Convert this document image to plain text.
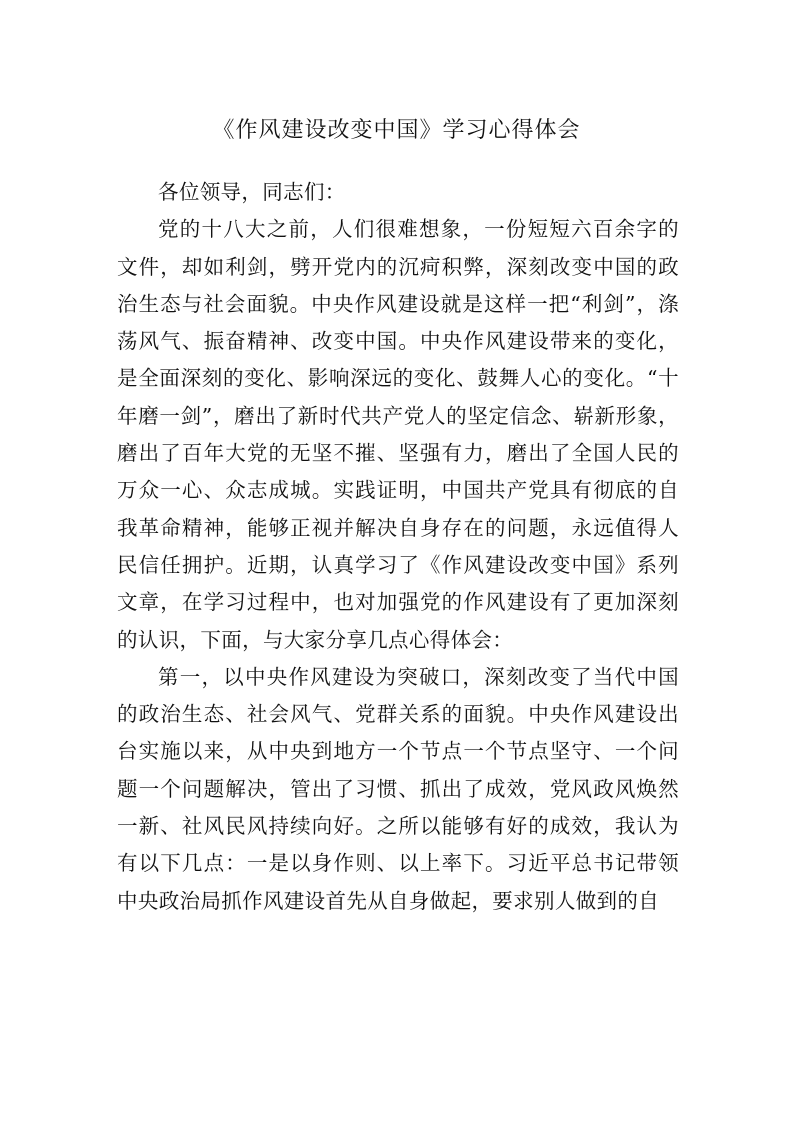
《作风建设改变中国》学习心得体会

各位领导，同志们：

党的十八大之前，人们很难想象，一份短短六百余字的文件，却如利剑，劈开党内的沉疴积弊，深刻改变中国的政治生态与社会面貌。中央作风建设就是这样一把“利剑”，涤荡风气、振奋精神、改变中国。中央作风建设带来的变化，是全面深刻的变化、影响深远的变化、鼓舞人心的变化。“十年磨一剑”，磨出了新时代共产党人的坚定信念、崭新形象，磨出了百年大党的无坚不摧、坚强有力，磨出了全国人民的万众一心、众志成城。实践证明，中国共产党具有彻底的自我革命精神，能够正视并解决自身存在的问题，永远值得人民信任拥护。近期，认真学习了《作风建设改变中国》系列文章，在学习过程中，也对加强党的作风建设有了更加深刻的认识，下面，与大家分享几点心得体会：

第一，以中央作风建设为突破口，深刻改变了当代中国的政治生态、社会风气、党群关系的面貌。中央作风建设出台实施以来，从中央到地方一个节点一个节点坚守、一个问题一个问题解决，管出了习惯、抓出了成效，党风政风焕然一新、社风民风持续向好。之所以能够有好的成效，我认为有以下几点：一是以身作则、以上率下。习近平总书记带领中央政治局抓作风建设首先从自身做起，要求别人做到的自
